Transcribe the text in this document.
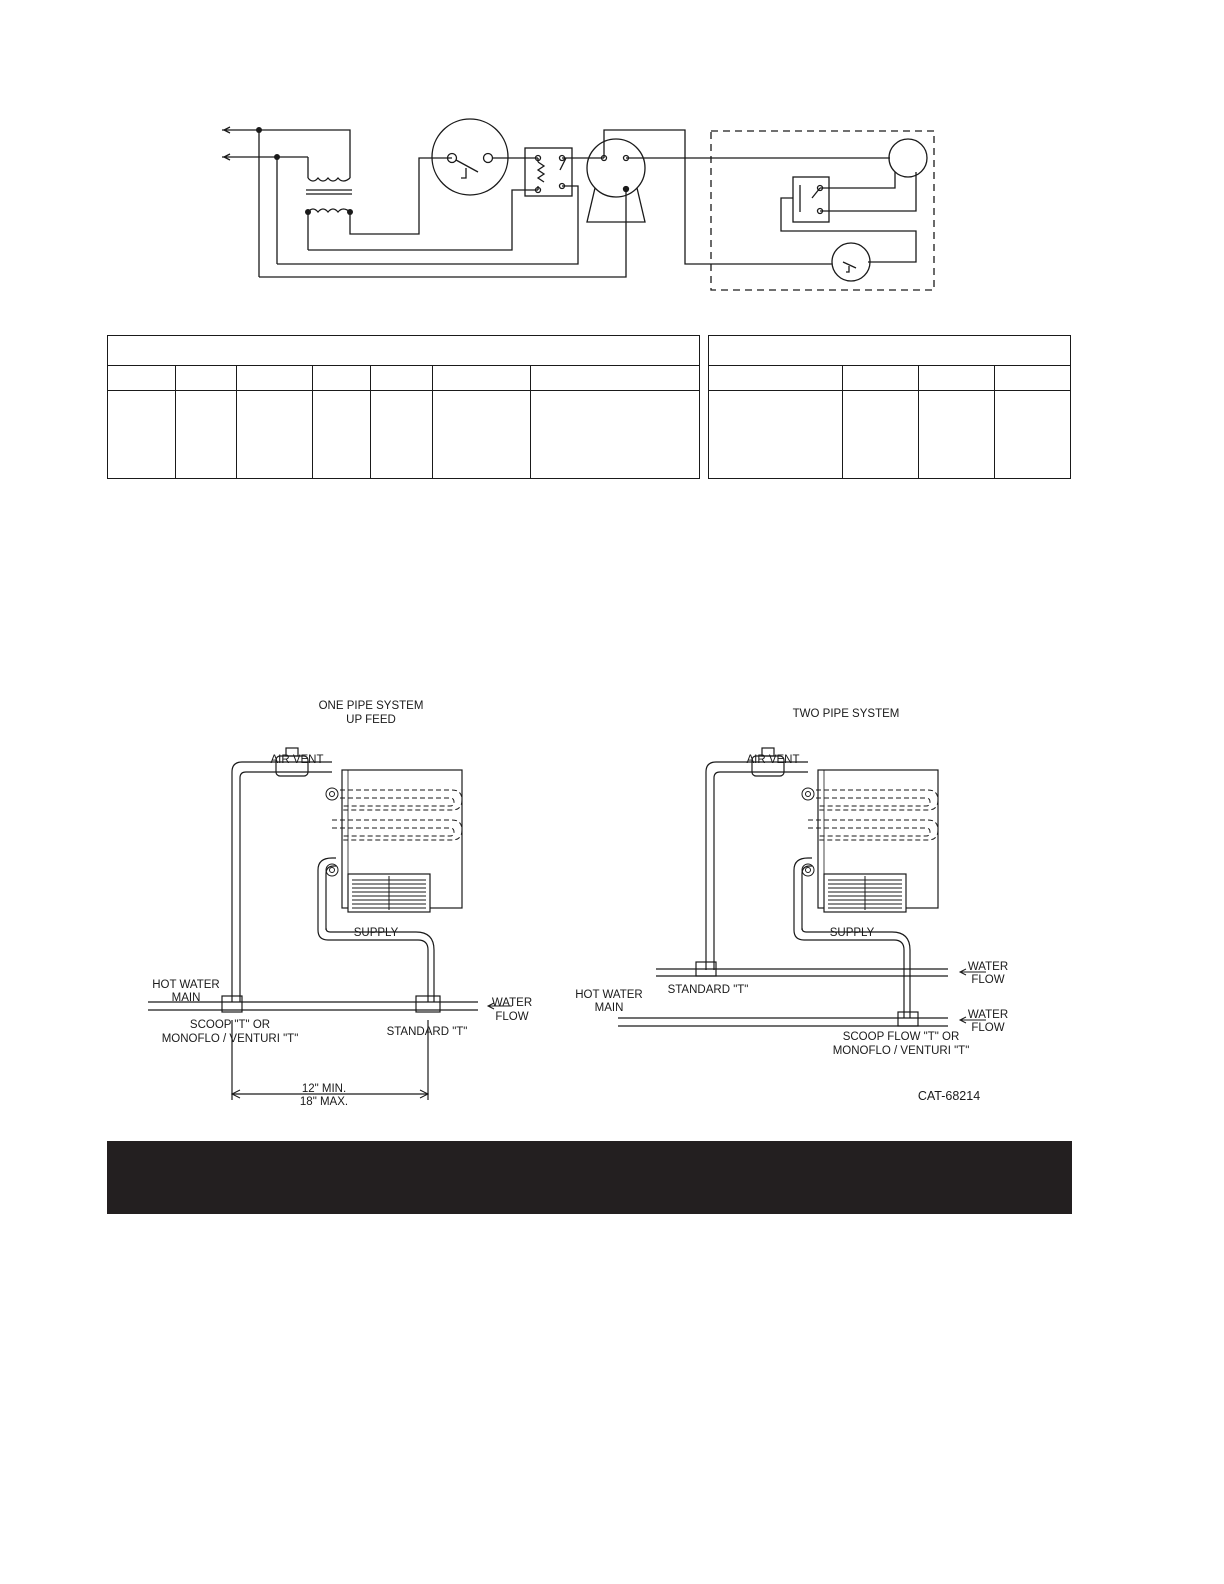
ONE PIPE SYSTEM
UP FEED
AIR VENT
SUPPLY
HOT WATER
MAIN	WATER
FLOW
SCOOP "T" OR
MONOFLO / VENTURI "T"
STANDARD "T"
12" MIN.
18" MAX.
TWO PIPE SYSTEM
AIR VENT
SUPPLY
WATER
FLOW
STANDARD "T"
HOT WATER
MAIN
WATER
FLOW
SCOOP FLOW "T" OR
MONOFLO / VENTURI "T"
CAT-68214
